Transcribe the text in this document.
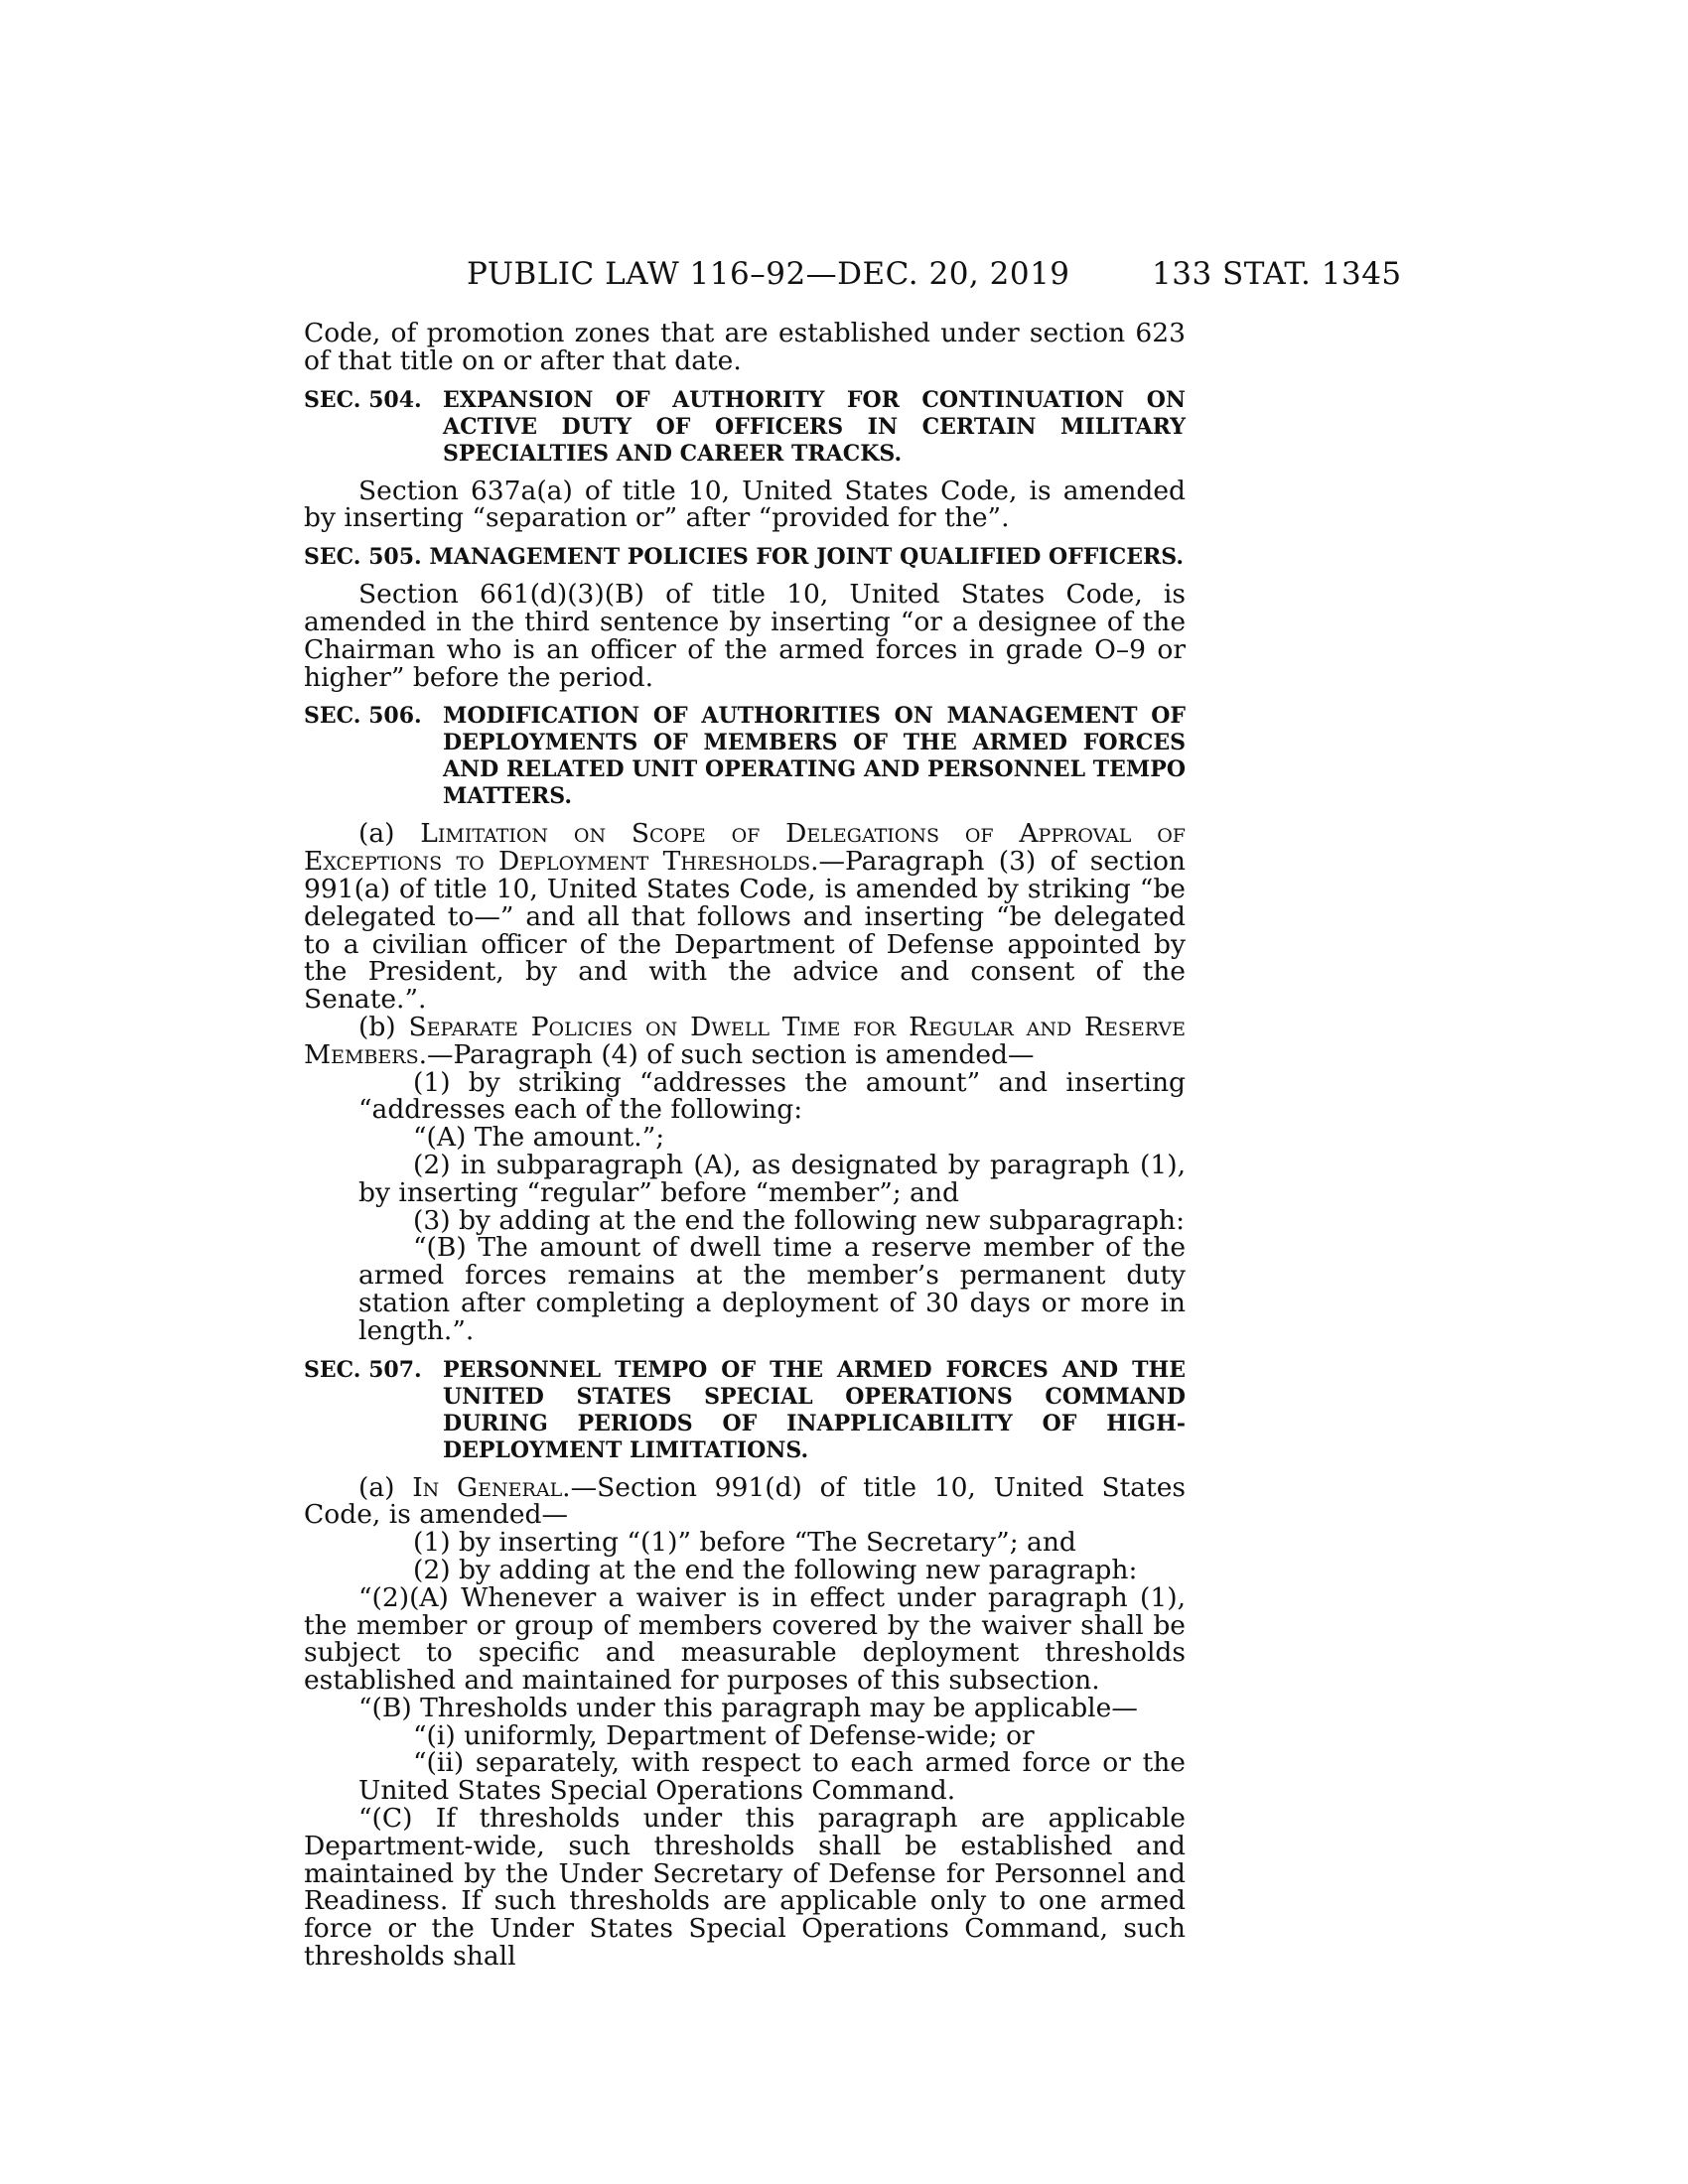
PUBLIC LAW 116–92—DEC. 20, 2019	133 STAT. 1345

Code, of promotion zones that are established under section 623 of that title on or after that date.

SEC. 504. EXPANSION OF AUTHORITY FOR CONTINUATION ON ACTIVE DUTY OF OFFICERS IN CERTAIN MILITARY SPECIALTIES AND CAREER TRACKS.

Section 637a(a) of title 10, United States Code, is amended by inserting “separation or” after “provided for the”.

SEC. 505. MANAGEMENT POLICIES FOR JOINT QUALIFIED OFFICERS.

Section 661(d)(3)(B) of title 10, United States Code, is amended in the third sentence by inserting “or a designee of the Chairman who is an officer of the armed forces in grade O–9 or higher” before the period.

SEC. 506. MODIFICATION OF AUTHORITIES ON MANAGEMENT OF DEPLOYMENTS OF MEMBERS OF THE ARMED FORCES AND RELATED UNIT OPERATING AND PERSONNEL TEMPO MATTERS.

(a) Limitation on Scope of Delegations of Approval of Exceptions to Deployment Thresholds.—Paragraph (3) of section 991(a) of title 10, United States Code, is amended by striking “be delegated to—” and all that follows and inserting “be delegated to a civilian officer of the Department of Defense appointed by the President, by and with the advice and consent of the Senate.”.

(b) Separate Policies on Dwell Time for Regular and Reserve Members.—Paragraph (4) of such section is amended—

(1) by striking “addresses the amount” and inserting “addresses each of the following:

“(A) The amount.”;

(2) in subparagraph (A), as designated by paragraph (1), by inserting “regular” before “member”; and

(3) by adding at the end the following new subparagraph:

“(B) The amount of dwell time a reserve member of the armed forces remains at the member’s permanent duty station after completing a deployment of 30 days or more in length.”.

SEC. 507. PERSONNEL TEMPO OF THE ARMED FORCES AND THE UNITED STATES SPECIAL OPERATIONS COMMAND DURING PERIODS OF INAPPLICABILITY OF HIGH-DEPLOYMENT LIMITATIONS.

(a) In General.—Section 991(d) of title 10, United States Code, is amended—

(1) by inserting “(1)” before “The Secretary”; and

(2) by adding at the end the following new paragraph:

“(2)(A) Whenever a waiver is in effect under paragraph (1), the member or group of members covered by the waiver shall be subject to specific and measurable deployment thresholds established and maintained for purposes of this subsection.

“(B) Thresholds under this paragraph may be applicable—

“(i) uniformly, Department of Defense-wide; or

“(ii) separately, with respect to each armed force or the United States Special Operations Command.

“(C) If thresholds under this paragraph are applicable Department-wide, such thresholds shall be established and maintained by the Under Secretary of Defense for Personnel and Readiness. If such thresholds are applicable only to one armed force or the Under States Special Operations Command, such thresholds shall
